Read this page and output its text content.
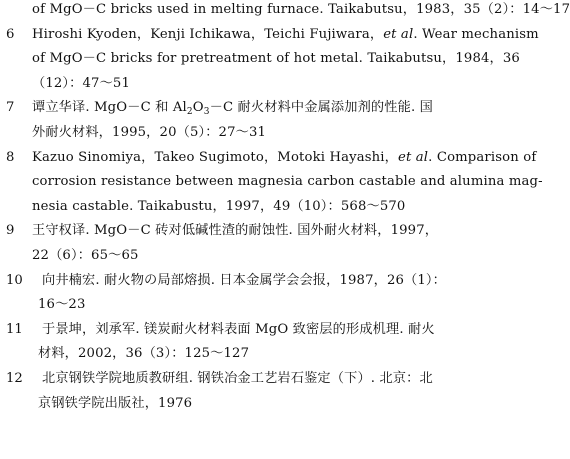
of MgO－C bricks used in melting furnace. Taikabutsu，1983，35（2）：14～17
6 Hiroshi Kyoden，Kenji Ichikawa，Teichi Fujiwara，et al. Wear mechanism
of MgO－C bricks for pretreatment of hot metal. Taikabutsu，1984，36
（12）：47～51
7 谭立华译. MgO－C 和 $Al_2O_3-C$ 耐火材料中金属添加剂的性能. 国
外耐火材料，1995，20（5）：27～31
8 Kazuo Sinomiya，Takeo Sugimoto，Motoki Hayashi，et al. Comparison of
corrosion resistance between magnesia carbon castable and alumina mag-
nesia castable. Taikabustu，1997，49（10）：568～570
9 王守权译. MgO－C 砖对低碱性渣的耐蚀性. 国外耐火材料，1997，
22（6）：65～65
10 向井楠宏. 耐火物の局部熔损. 日本金属学会会报，1987，26（1）：
16～23
11 于景坤，刘承军. 镁炭耐火材料表面 MgO 致密层的形成机理. 耐火
材料，2002，36（3）：125～127
12 北京钢铁学院地质教研组. 钢铁冶金工艺岩石鉴定（下）. 北京：北
京钢铁学院出版社，1976
